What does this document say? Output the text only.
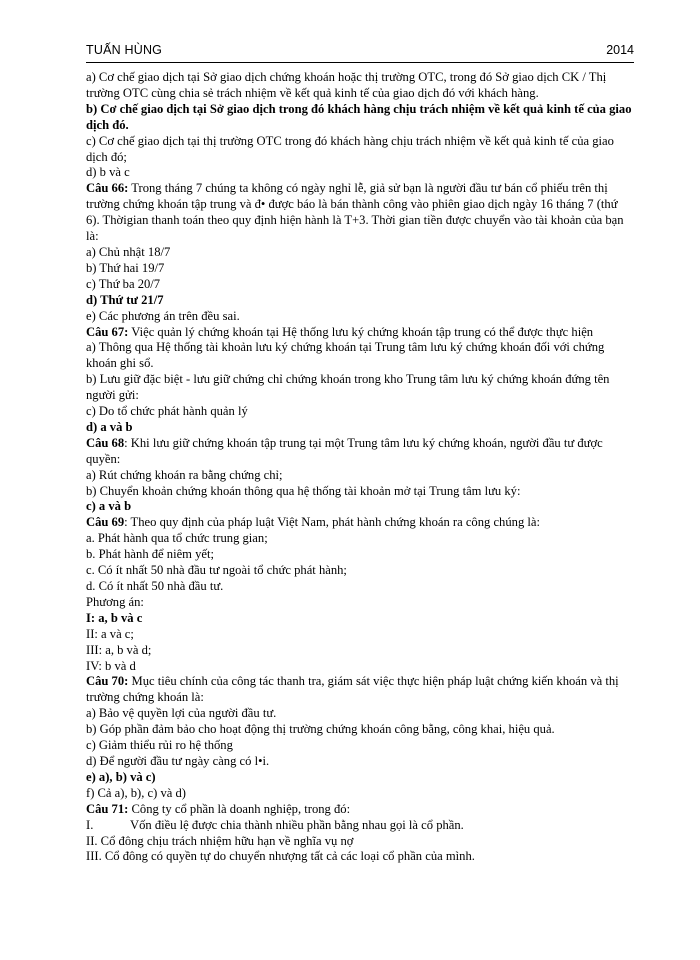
TUẤN HÙNG	2014

a) Cơ chế giao dịch tại Sở giao dịch chứng khoán hoặc thị trường OTC, trong đó Sở giao dịch CK / Thị trường OTC cùng chia sẻ trách nhiệm về kết quả kinh tế của giao dịch đó với khách hàng.

b) Cơ chế giao dịch tại Sở giao dịch trong đó khách hàng chịu trách nhiệm về kết quả kinh tế của giao dịch đó.

c) Cơ chế giao dịch tại thị trường OTC trong đó khách hàng chịu trách nhiệm về kết quả kinh tế của giao dịch đó;

d) b và c

Câu 66: Trong tháng 7 chúng ta không có ngày nghỉ lễ, giả sử bạn là người đầu tư bán cổ phiếu trên thị trường chứng khoán tập trung và đ• được báo là bán thành công vào phiên giao dịch ngày 16 tháng 7 (thứ 6). Thờigian thanh toán theo quy định hiện hành là T+3. Thời gian tiền được chuyển vào tài khoản của bạn là:

a) Chủ nhật 18/7

b) Thứ hai 19/7

c) Thứ ba 20/7

d) Thứ tư 21/7

e) Các phương án trên đều sai.

Câu 67: Việc quản lý chứng khoán tại Hệ thống lưu ký chứng khoán tập trung có thể được thực hiện

a) Thông qua Hệ thống tài khoản lưu ký chứng khoán tại Trung tâm lưu ký chứng khoán đối với chứng khoán ghi sổ.

b) Lưu giữ đặc biệt - lưu giữ chứng chỉ chứng khoán trong kho Trung tâm lưu ký chứng khoán đứng tên người gửi:

c) Do tổ chức phát hành quản lý

d) a và b

Câu 68: Khi lưu giữ chứng khoán tập trung tại một Trung tâm lưu ký chứng khoán, người đầu tư được quyền:

a) Rút chứng khoán ra bằng chứng chỉ;

b) Chuyển khoản chứng khoán thông qua hệ thống tài khoản mở tại Trung tâm lưu ký:

c) a và b

Câu 69: Theo quy định của pháp luật Việt Nam, phát hành chứng khoán ra công chúng là:

a. Phát hành qua tổ chức trung gian;

b. Phát hành để niêm yết;

c. Có ít nhất 50 nhà đầu tư ngoài tổ chức phát hành;

d. Có ít nhất 50 nhà đầu tư.

Phương án:

I: a, b và c

II: a và c;

III: a, b và d;

IV: b và d

Câu 70: Mục tiêu chính của công tác thanh tra, giám sát việc thực hiện pháp luật chứng kiến khoán và thị trường chứng khoán là:

a) Bảo vệ quyền lợi của người đầu tư.

b) Góp phần đảm bảo cho hoạt động thị trường chứng khoán công bằng, công khai, hiệu quả.

c) Giảm thiểu rủi ro hệ thống

d) Để người đầu tư ngày càng có l•i.

e) a), b) và c)

f) Cả a), b), c) và d)

Câu 71: Công ty cổ phần là doanh nghiệp, trong đó:

I.	Vốn điều lệ được chia thành nhiều phần bằng nhau gọi là cổ phần.

II. Cổ đông chịu trách nhiệm hữu hạn về nghĩa vụ nợ

III. Cổ đông có quyền tự do chuyển nhượng tất cả các loại cổ phần của mình.
